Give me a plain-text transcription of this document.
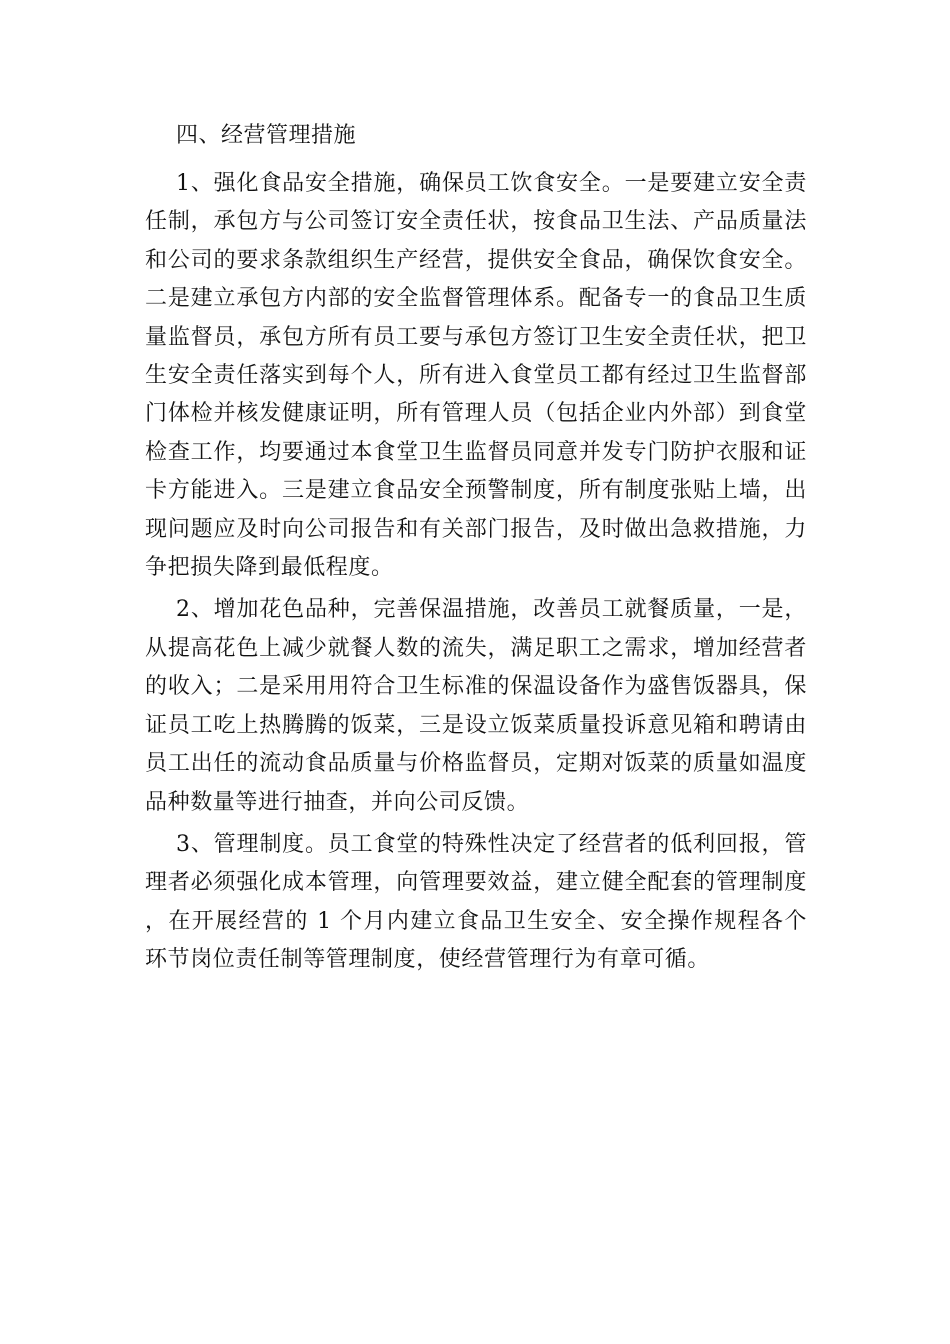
四、经营管理措施

1、强化食品安全措施，确保员工饮食安全。一是要建立安全责任制，承包方与公司签订安全责任状，按食品卫生法、产品质量法和公司的要求条款组织生产经营，提供安全食品，确保饮食安全。二是建立承包方内部的安全监督管理体系。配备专一的食品卫生质量监督员，承包方所有员工要与承包方签订卫生安全责任状，把卫生安全责任落实到每个人，所有进入食堂员工都有经过卫生监督部门体检并核发健康证明，所有管理人员（包括企业内外部）到食堂检查工作，均要通过本食堂卫生监督员同意并发专门防护衣服和证卡方能进入。三是建立食品安全预警制度，所有制度张贴上墙，出现问题应及时向公司报告和有关部门报告，及时做出急救措施，力争把损失降到最低程度。

2、增加花色品种，完善保温措施，改善员工就餐质量，一是，从提高花色上减少就餐人数的流失，满足职工之需求，增加经营者的收入；二是采用用符合卫生标准的保温设备作为盛售饭器具，保证员工吃上热腾腾的饭菜，三是设立饭菜质量投诉意见箱和聘请由员工出任的流动食品质量与价格监督员，定期对饭菜的质量如温度品种数量等进行抽查，并向公司反馈。

3、管理制度。员工食堂的特殊性决定了经营者的低利回报，管理者必须强化成本管理，向管理要效益，建立健全配套的管理制度，在开展经营的 1 个月内建立食品卫生安全、安全操作规程各个环节岗位责任制等管理制度，使经营管理行为有章可循。
